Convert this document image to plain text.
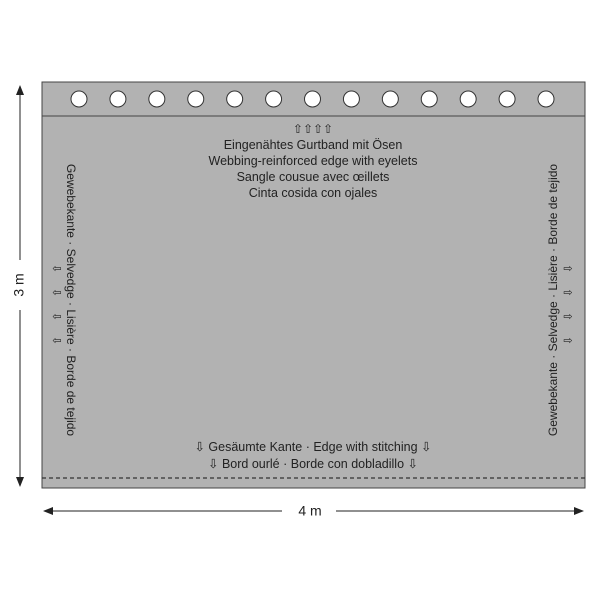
3 m
4 m
⇧⇧⇧⇧
Eingenähtes Gurtband mit Ösen
Webbing-reinforced edge with eyelets
Sangle cousue avec œillets
Cinta cosida con ojales
⇩ Gesäumte Kante · Edge with stitching ⇩
⇩ Bord ourlé · Borde con dobladillo ⇩
Gewebekante · Selvedge · Lisière · Borde de tejido
⇦
⇦
⇦
⇦	Gewebekante · Selvedge · Lisière · Borde de tejido ⇨
⇨
⇨
⇨
